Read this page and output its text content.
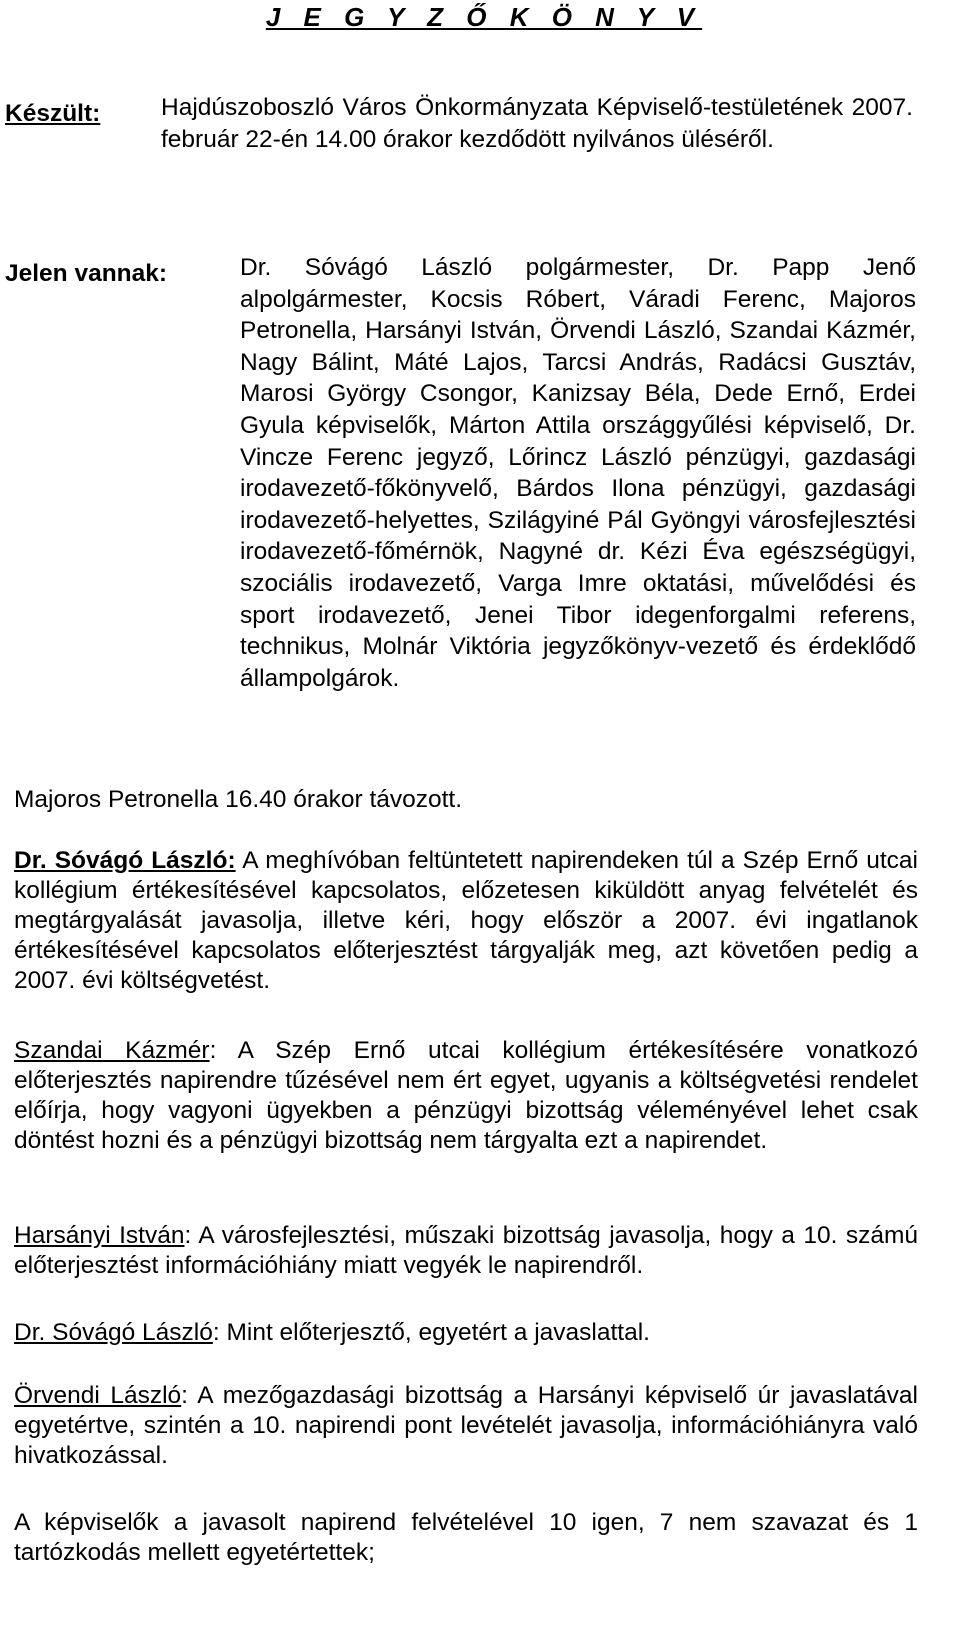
J E G Y Z Ő K Ö N Y V
Készült: Hajdúszoboszló Város Önkormányzata Képviselő-testületének 2007. február 22-én 14.00 órakor kezdődött nyilvános üléséről.
Jelen vannak:	Dr. Sóvágó László polgármester, Dr. Papp Jenő alpolgármester, Kocsis Róbert, Váradi Ferenc, Majoros Petronella, Harsányi István, Örvendi László, Szandai Kázmér, Nagy Bálint, Máté Lajos, Tarcsi András, Radácsi Gusztáv, Marosi György Csongor, Kanizsay Béla, Dede Ernő, Erdei Gyula képviselők, Márton Attila országgyűlési képviselő, Dr. Vincze Ferenc jegyző, Lőrincz László pénzügyi, gazdasági irodavezető-főkönyvelő, Bárdos Ilona pénzügyi, gazdasági irodavezető-helyettes, Szilágyiné Pál Gyöngyi városfejlesztési irodavezető-főmérnök, Nagyné dr. Kézi Éva egészségügyi, szociális irodavezető, Varga Imre oktatási, művelődési és sport irodavezető, Jenei Tibor idegenforgalmi referens, technikus, Molnár Viktória jegyzőkönyv-vezető és érdeklődő állampolgárok.
Majoros Petronella 16.40 órakor távozott.
Dr. Sóvágó László: A meghívóban feltüntetett napirendeken túl a Szép Ernő utcai kollégium értékesítésével kapcsolatos, előzetesen kiküldött anyag felvételét és megtárgyalását javasolja, illetve kéri, hogy először a 2007. évi ingatlanok értékesítésével kapcsolatos előterjesztést tárgyalják meg, azt követően pedig a 2007. évi költségvetést.
Szandai Kázmér: A Szép Ernő utcai kollégium értékesítésére vonatkozó előterjesztés napirendre tűzésével nem ért egyet, ugyanis a költségvetési rendelet előírja, hogy vagyoni ügyekben a pénzügyi bizottság véleményével lehet csak döntést hozni és a pénzügyi bizottság nem tárgyalta ezt a napirendet.
Harsányi István: A városfejlesztési, műszaki bizottság javasolja, hogy a 10. számú előterjesztést információhiány miatt vegyék le napirendről.
Dr. Sóvágó László: Mint előterjesztő, egyetért a javaslattal.
Örvendi László: A mezőgazdasági bizottság a Harsányi képviselő úr javaslatával egyetértve, szintén a 10. napirendi pont levételét javasolja, információhiányra való hivatkozással.
A képviselők a javasolt napirend felvételével 10 igen, 7 nem szavazat és 1 tartózkodás mellett egyetértettek;
